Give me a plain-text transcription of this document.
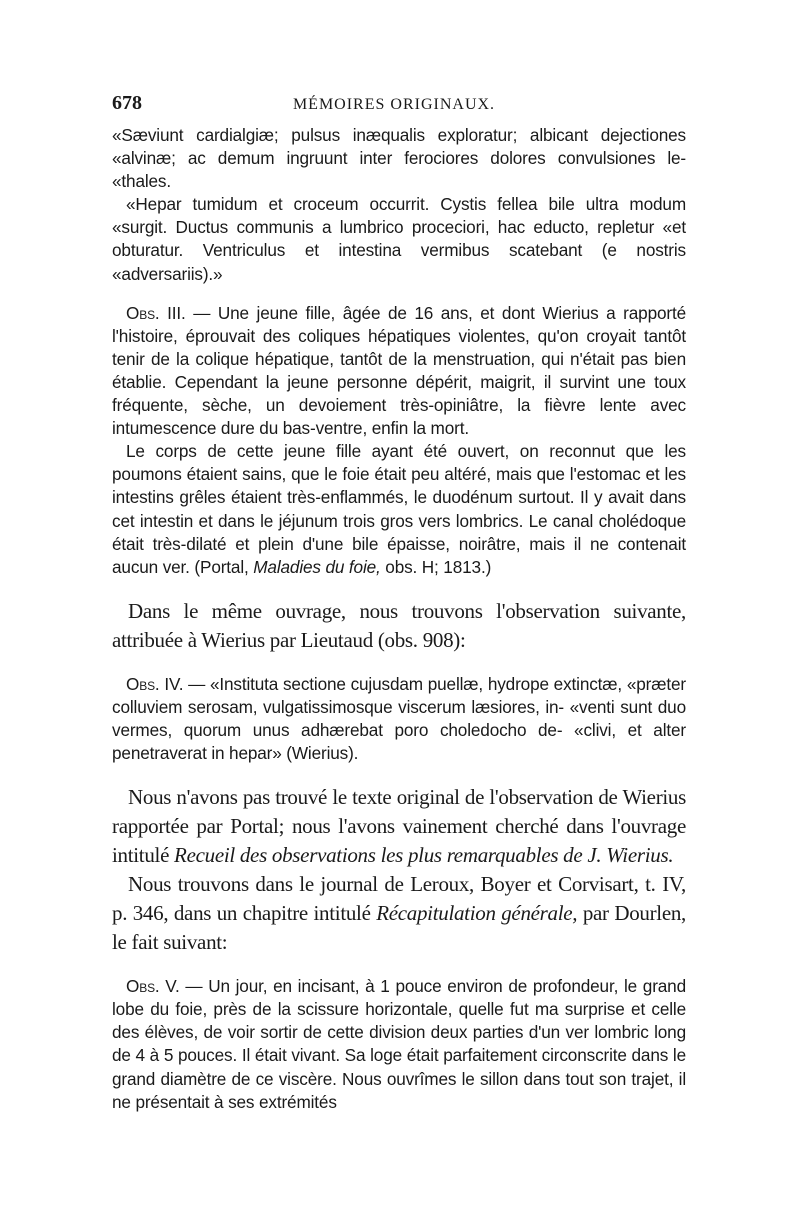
678	MÉMOIRES ORIGINAUX.

«Sæviunt cardialgiæ; pulsus inæqualis exploratur; albicant dejectiones «alvinæ; ac demum ingruunt inter ferociores dolores convulsiones le- «thales.

«Hepar tumidum et croceum occurrit. Cystis fellea bile ultra modum «surgit. Ductus communis a lumbrico proceciori, hac educto, repletur «et obturatur. Ventriculus et intestina vermibus scatebant (e nostris «adversariis).»

Obs. III. — Une jeune fille, âgée de 16 ans, et dont Wierius a rapporté l'histoire, éprouvait des coliques hépatiques violentes, qu'on croyait tantôt tenir de la colique hépatique, tantôt de la menstruation, qui n'était pas bien établie. Cependant la jeune personne dépérit, maigrit, il survint une toux fréquente, sèche, un devoiement très-opiniâtre, la fièvre lente avec intumescence dure du bas-ventre, enfin la mort.

Le corps de cette jeune fille ayant été ouvert, on reconnut que les poumons étaient sains, que le foie était peu altéré, mais que l'estomac et les intestins grêles étaient très-enflammés, le duodénum surtout. Il y avait dans cet intestin et dans le jéjunum trois gros vers lombrics. Le canal cholédoque était très-dilaté et plein d'une bile épaisse, noirâtre, mais il ne contenait aucun ver. (Portal, Maladies du foie, obs. H; 1813.)

Dans le même ouvrage, nous trouvons l'observation suivante, attribuée à Wierius par Lieutaud (obs. 908):

Obs. IV. — «Instituta sectione cujusdam puellæ, hydrope extinctæ, «præter colluviem serosam, vulgatissimosque viscerum læsiores, in- «venti sunt duo vermes, quorum unus adhærebat poro choledocho de- «clivi, et alter penetraverat in hepar» (Wierius).

Nous n'avons pas trouvé le texte original de l'observation de Wierius rapportée par Portal; nous l'avons vainement cherché dans l'ouvrage intitulé Recueil des observations les plus remarquables de J. Wierius.

Nous trouvons dans le journal de Leroux, Boyer et Corvisart, t. IV, p. 346, dans un chapitre intitulé Récapitulation générale, par Dourlen, le fait suivant:

Obs. V. — Un jour, en incisant, à 1 pouce environ de profondeur, le grand lobe du foie, près de la scissure horizontale, quelle fut ma surprise et celle des élèves, de voir sortir de cette division deux parties d'un ver lombric long de 4 à 5 pouces. Il était vivant. Sa loge était parfaitement circonscrite dans le grand diamètre de ce viscère. Nous ouvrîmes le sillon dans tout son trajet, il ne présentait à ses extrémités
